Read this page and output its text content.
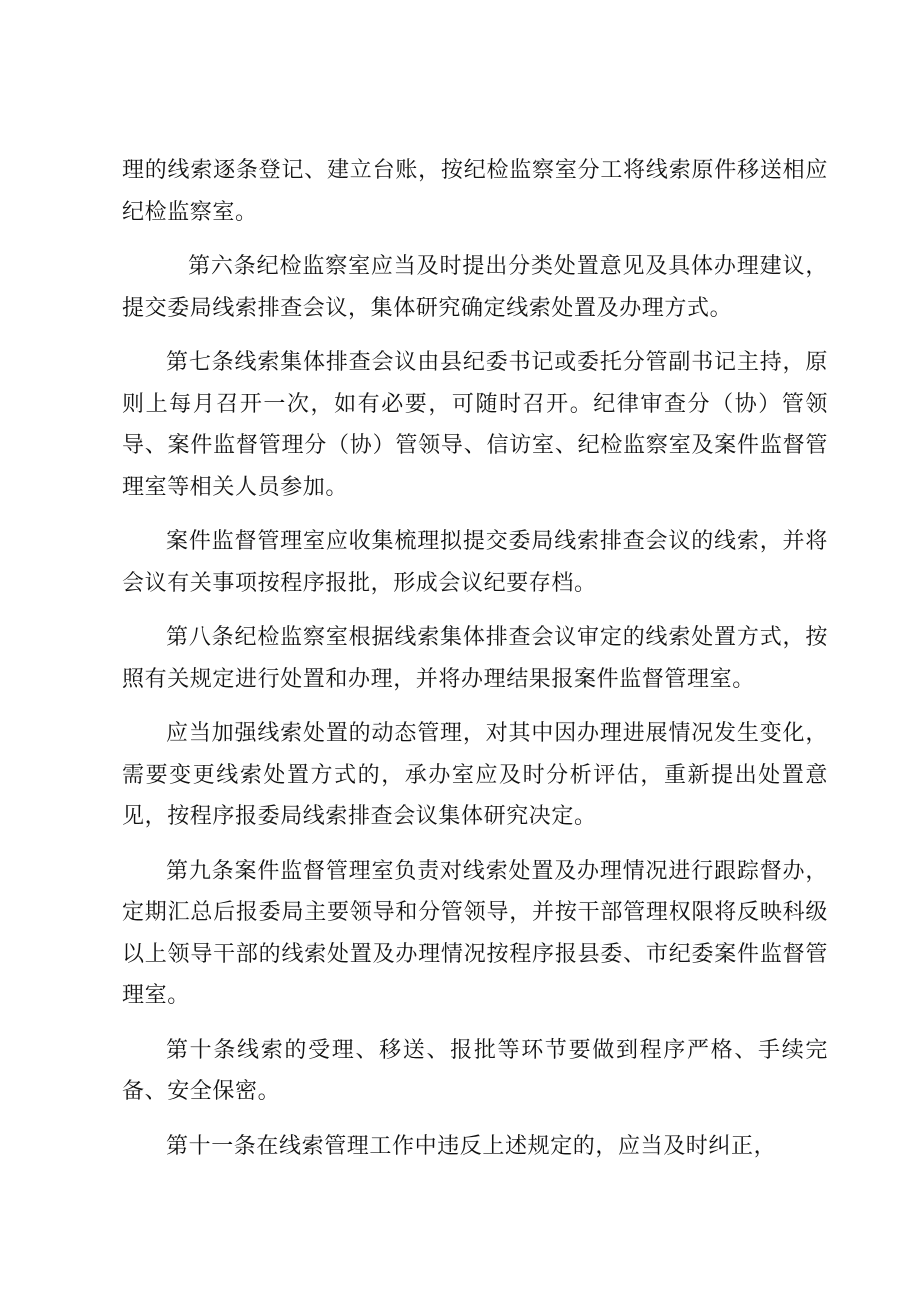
理的线索逐条登记、建立台账，按纪检监察室分工将线索原件移送相应纪检监察室。

第六条纪检监察室应当及时提出分类处置意见及具体办理建议，提交委局线索排查会议，集体研究确定线索处置及办理方式。

第七条线索集体排查会议由县纪委书记或委托分管副书记主持，原则上每月召开一次，如有必要，可随时召开。纪律审查分（协）管领导、案件监督管理分（协）管领导、信访室、纪检监察室及案件监督管理室等相关人员参加。

案件监督管理室应收集梳理拟提交委局线索排查会议的线索，并将会议有关事项按程序报批，形成会议纪要存档。

第八条纪检监察室根据线索集体排查会议审定的线索处置方式，按照有关规定进行处置和办理，并将办理结果报案件监督管理室。

应当加强线索处置的动态管理，对其中因办理进展情况发生变化，需要变更线索处置方式的，承办室应及时分析评估，重新提出处置意见，按程序报委局线索排查会议集体研究决定。

第九条案件监督管理室负责对线索处置及办理情况进行跟踪督办，定期汇总后报委局主要领导和分管领导，并按干部管理权限将反映科级以上领导干部的线索处置及办理情况按程序报县委、市纪委案件监督管理室。

第十条线索的受理、移送、报批等环节要做到程序严格、手续完备、安全保密。

第十一条在线索管理工作中违反上述规定的，应当及时纠正，
